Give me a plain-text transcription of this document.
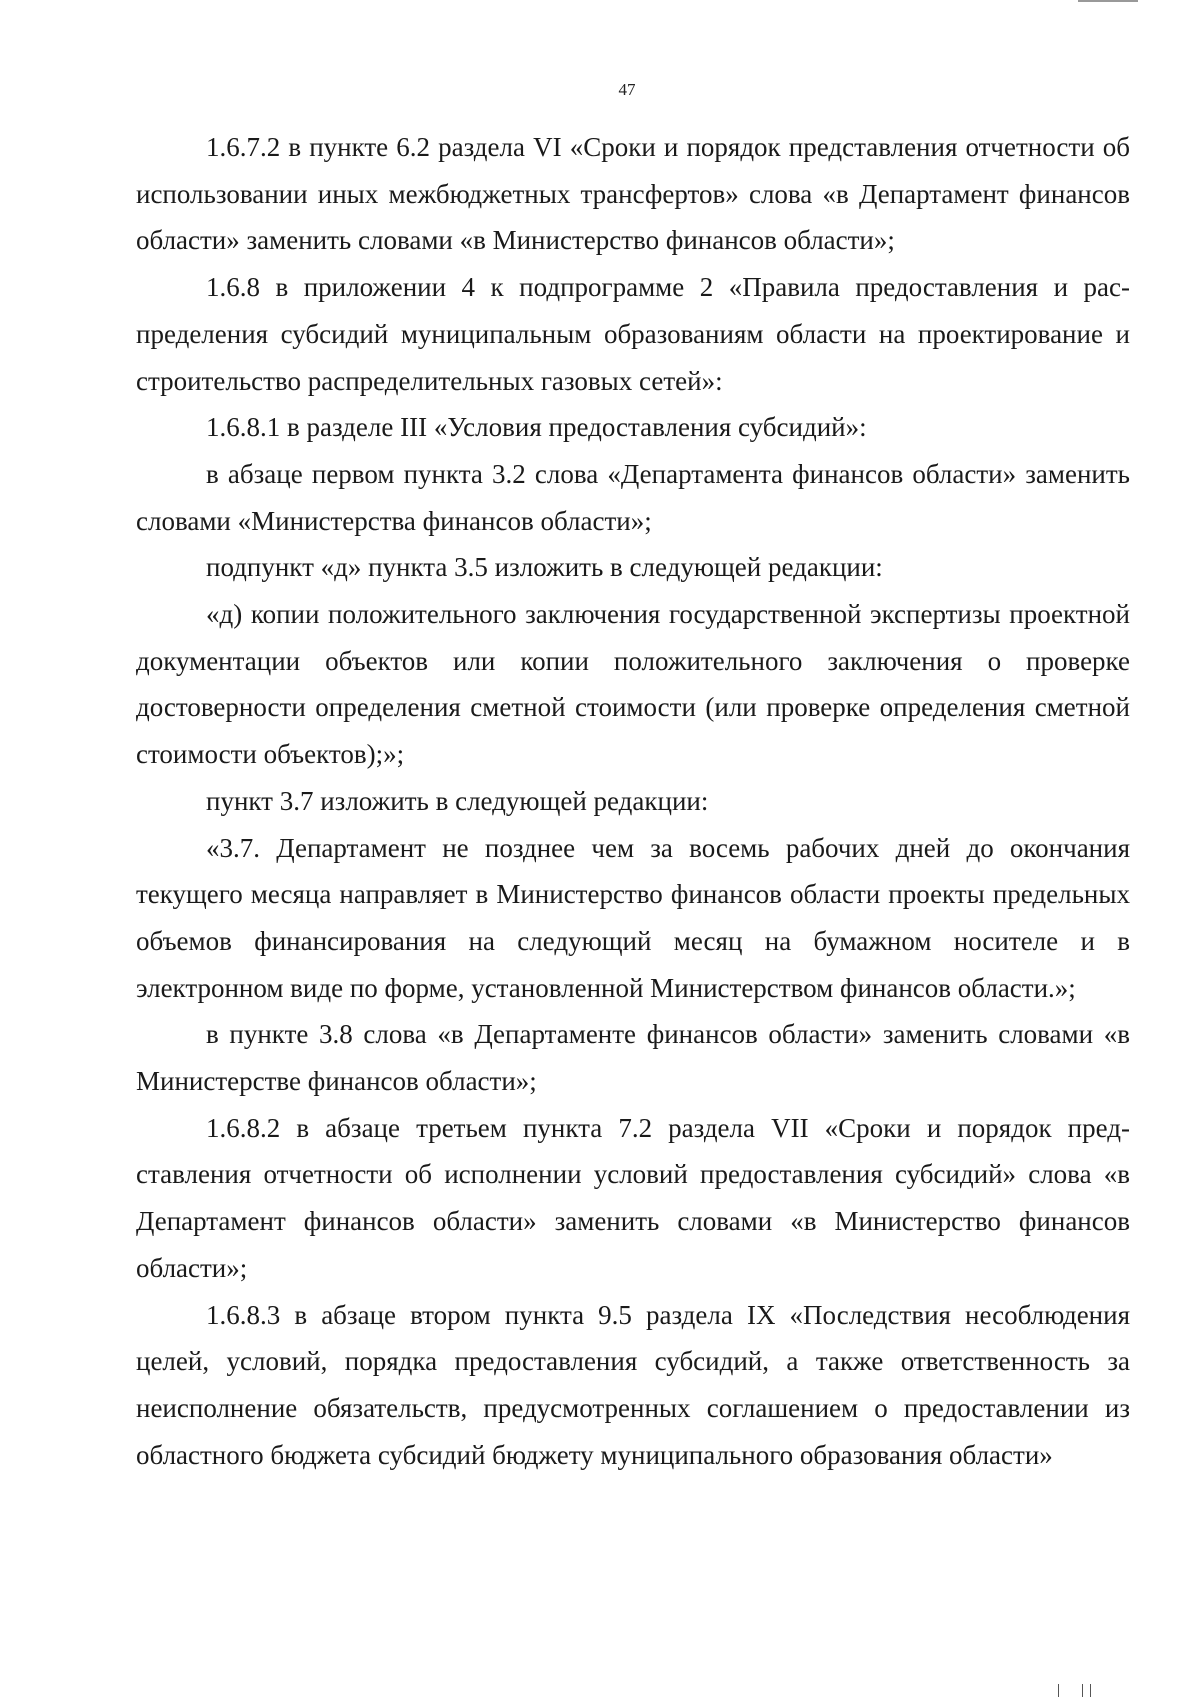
47

1.6.7.2 в пункте 6.2 раздела VI «Сроки и порядок представления отчетности об использовании иных межбюджетных трансфертов» слова «в Департамент финансов области» заменить словами «в Министерство финансов области»;

1.6.8 в приложении 4 к подпрограмме 2 «Правила предоставления и распределения субсидий муниципальным образованиям области на проектирование и строительство распределительных газовых сетей»:

1.6.8.1 в разделе III «Условия предоставления субсидий»:

в абзаце первом пункта 3.2 слова «Департамента финансов области» заменить словами «Министерства финансов области»;

подпункт «д» пункта 3.5 изложить в следующей редакции:

«д) копии положительного заключения государственной экспертизы проектной документации объектов или копии положительного заключения о проверке достоверности определения сметной стоимости (или проверке определения сметной стоимости объектов);»;

пункт 3.7 изложить в следующей редакции:

«3.7. Департамент не позднее чем за восемь рабочих дней до окончания текущего месяца направляет в Министерство финансов области проекты предельных объемов финансирования на следующий месяц на бумажном носителе и в электронном виде по форме, установленной Министерством финансов области.»;

в пункте 3.8 слова «в Департаменте финансов области» заменить словами «в Министерстве финансов области»;

1.6.8.2 в абзаце третьем пункта 7.2 раздела VII «Сроки и порядок представления отчетности об исполнении условий предоставления субсидий» слова «в Департамент финансов области» заменить словами «в Министерство финансов области»;

1.6.8.3 в абзаце втором пункта 9.5 раздела IX «Последствия несоблюдения целей, условий, порядка предоставления субсидий, а также ответственность за неисполнение обязательств, предусмотренных соглашением о предоставлении из областного бюджета субсидий бюджету муниципального образования области»
